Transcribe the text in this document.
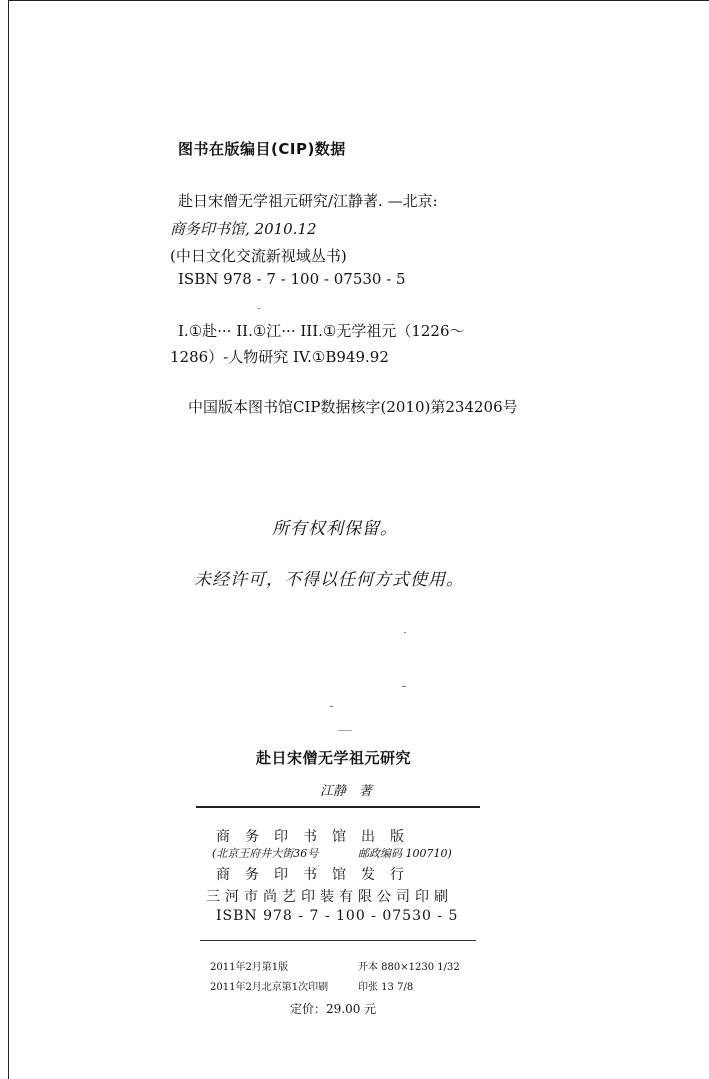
图书在版编目(CIP)数据
赴日宋僧无学祖元研究/江静著. —北京:
商务印书馆, 2010.12
(中日文化交流新视域丛书)
ISBN 978 - 7 - 100 - 07530 - 5
I.①赴··· II.①江··· III.①无学祖元（1226～
1286）-人物研究 IV.①B949.92
中国版本图书馆CIP数据核字(2010)第234206号
所有权利保留。
未经许可，不得以任何方式使用。
赴日宋僧无学祖元研究
江静　著
商务印书馆出版
(北京王府井大街36号	邮政编码 100710)
商务印书馆发行
三河市尚艺印装有限公司印刷
ISBN 978 - 7 - 100 - 07530 - 5
2011年2月第1版	开本 880×1230 1/32
2011年2月北京第1次印刷	印张 13 7/8
定价：29.00 元
